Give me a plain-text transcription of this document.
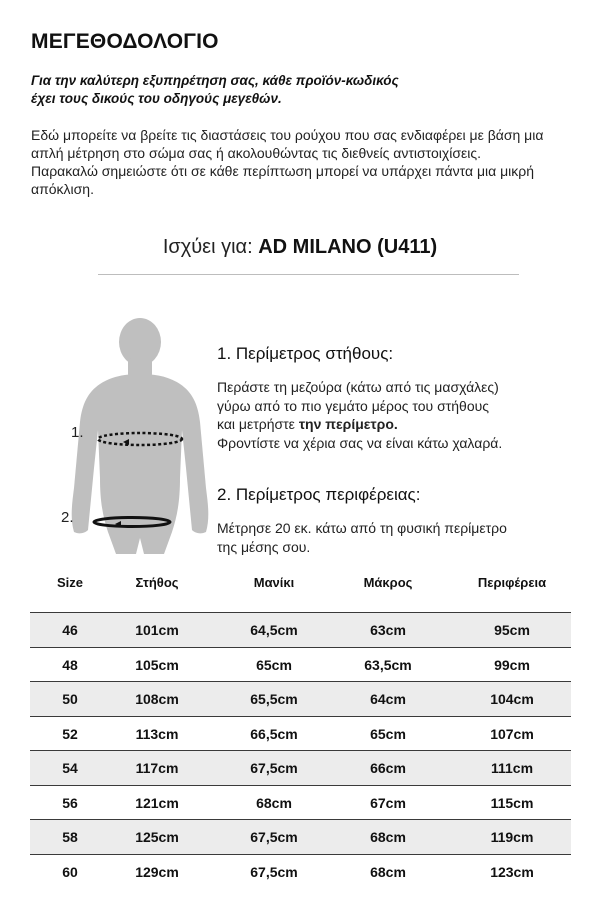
ΜΕΓΕΘΟΔΟΛΟΓΙΟ
Για την καλύτερη εξυπηρέτηση σας, κάθε προϊόν-κωδικός
έχει τους δικούς του οδηγούς μεγεθών.

Εδώ μπορείτε να βρείτε τις διαστάσεις του ρούχου που σας ενδιαφέρει με βάση μια απλή μέτρηση στο σώμα σας ή ακολουθώντας τις διεθνείς αντιστοιχίσεις.

Παρακαλώ σημειώστε ότι σε κάθε περίπτωση μπορεί να υπάρχει πάντα μια μικρή απόκλιση.

Ισχύει για: AD MILANO (U411)
1.
2.
1. Περίμετρος στήθους:
Περάστε τη μεζούρα (κάτω από τις μασχάλες)
γύρω από το πιο γεμάτο μέρος του στήθους
και μετρήστε την περίμετρο.
Φροντίστε να χέρια σας να είναι κάτω χαλαρά.
2. Περίμετρος περιφέρειας:
Μέτρησε 20 εκ. κάτω από τη φυσική περίμετρο
της μέσης σου.
Size	Στήθος	Μανίκι	Μάκρος	Περιφέρεια
46	101cm	64,5cm	63cm	95cm
48	105cm	65cm	63,5cm	99cm
50	108cm	65,5cm	64cm	104cm
52	113cm	66,5cm	65cm	107cm
54	117cm	67,5cm	66cm	111cm
56	121cm	68cm	67cm	115cm
58	125cm	67,5cm	68cm	119cm
60	129cm	67,5cm	68cm	123cm
